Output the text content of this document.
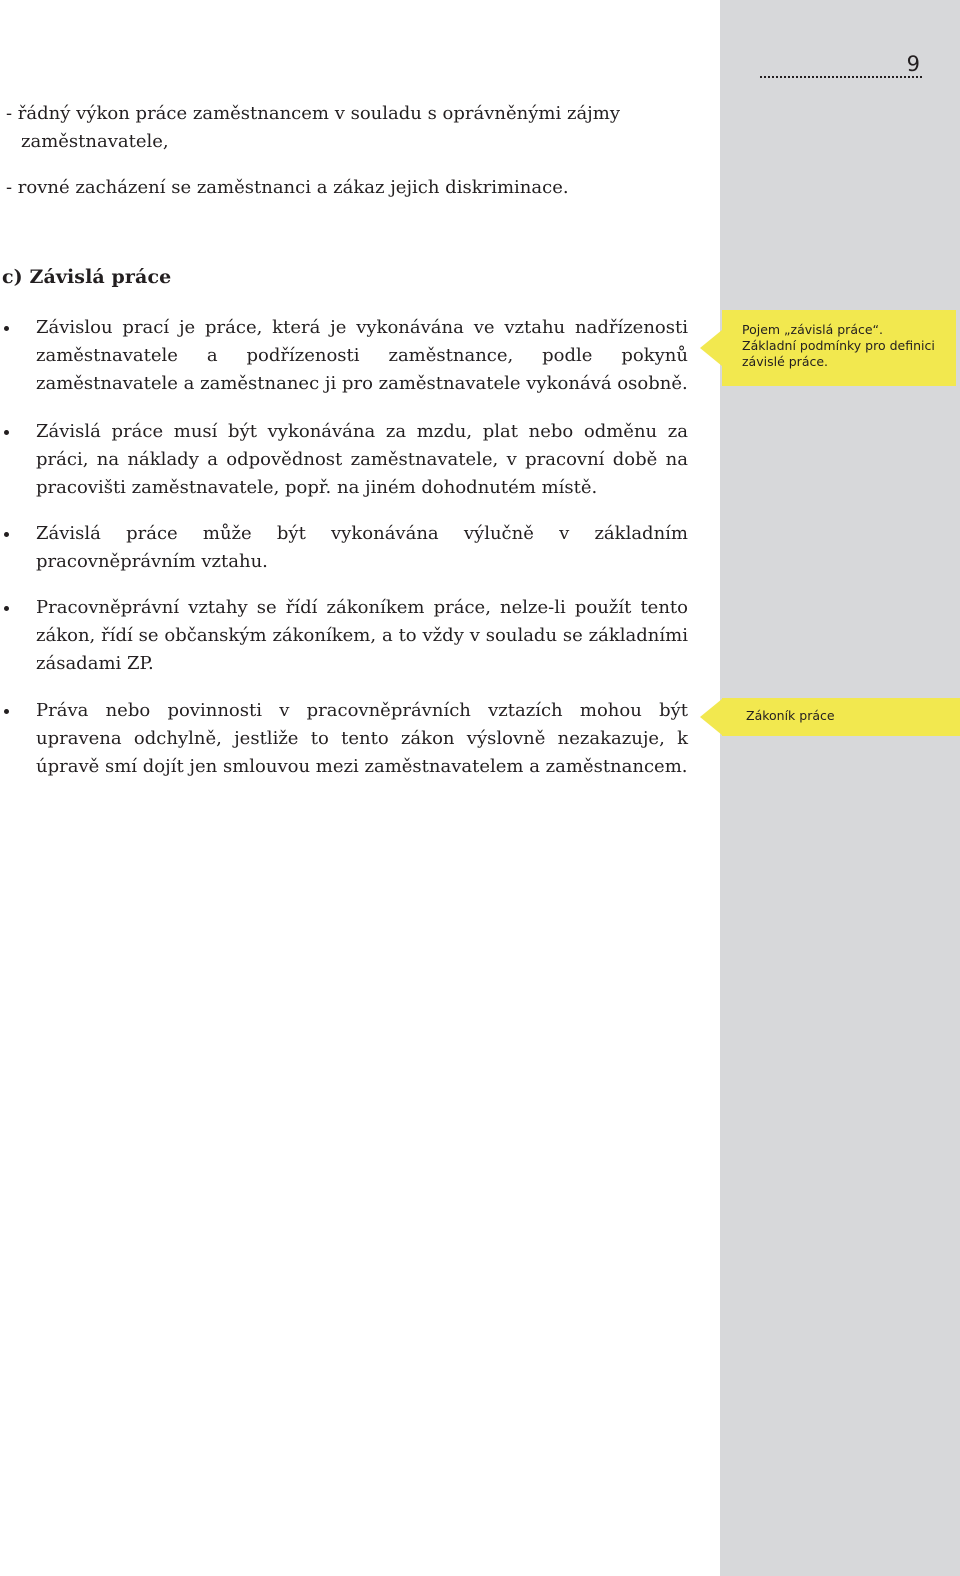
9
- řádný výkon práce zaměstnancem v souladu s oprávněnými zájmy
zaměstnavatele,
- rovné zacházení se zaměstnanci a zákaz jejich diskriminace.
c) Závislá práce
Závislou prací je práce, která je vykonávána ve vztahu nadřízenosti zaměstnavatele a podřízenosti zaměstnance, podle pokynů zaměstnavatele a zaměstnanec ji pro zaměstnavatele vykonává osobně.
Závislá práce musí být vykonávána za mzdu, plat nebo odměnu za práci, na náklady a odpovědnost zaměstnavatele, v pracovní době na pracovišti zaměstnavatele, popř. na jiném dohodnutém místě.
Závislá práce může být vykonávána výlučně v základním pracovněprávním vztahu.
Pracovněprávní vztahy se řídí zákoníkem práce, nelze-li použít tento zákon, řídí se občanským zákoníkem, a to vždy v souladu se základními zásadami ZP.
Práva nebo povinnosti v pracovněprávních vztazích mohou být upravena odchylně, jestliže to tento zákon výslovně nezakazuje, k úpravě smí dojít jen smlouvou mezi zaměstnavatelem a zaměstnancem.
Pojem „závislá práce“.
Základní podmínky pro definici
závislé práce.
Zákoník práce
